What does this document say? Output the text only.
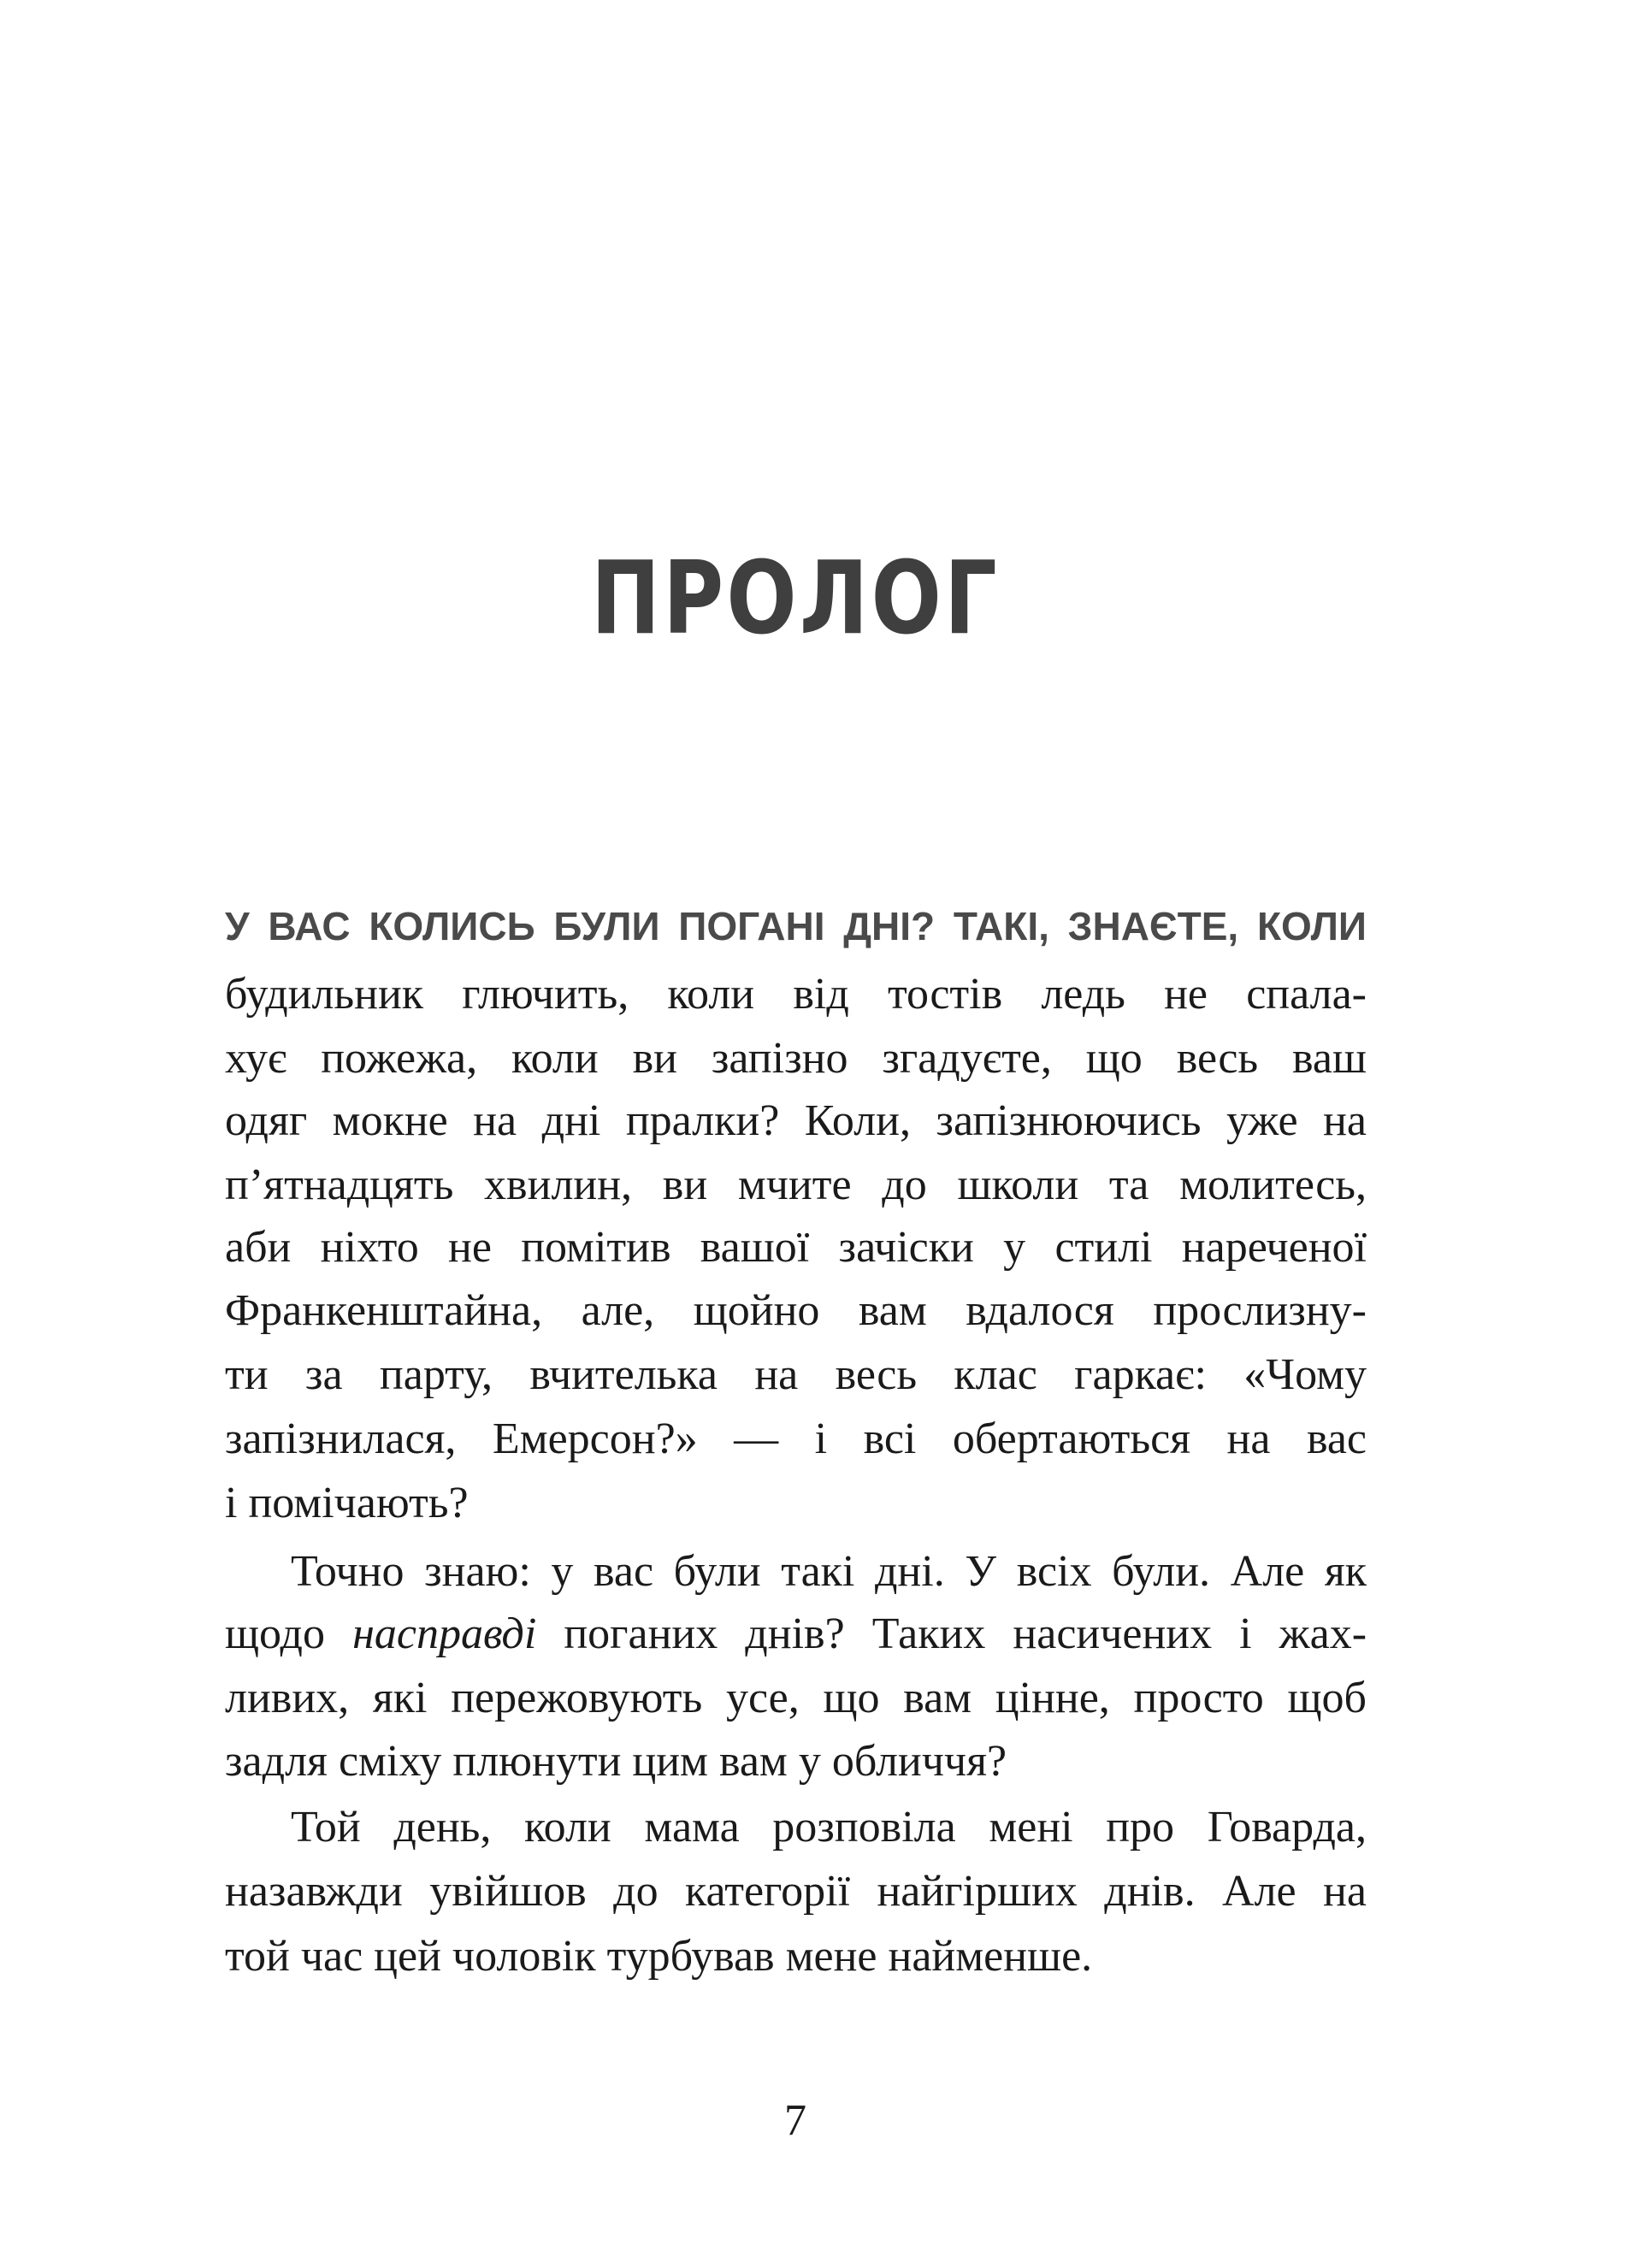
ПРОЛОГ
У ВАС КОЛИСЬ БУЛИ ПОГАНІ ДНІ? ТАКІ, ЗНАЄТЕ, КОЛИ
будильник глючить, коли від тостів ледь не спала-
хує пожежа, коли ви запізно згадуєте, що весь ваш
одяг мокне на дні пралки? Коли, запізнюючись уже на
п’ятнадцять хвилин, ви мчите до школи та молитесь,
аби ніхто не помітив вашої зачіски у стилі нареченої
Франкенштайна, але, щойно вам вдалося прослизну-
ти за парту, вчителька на весь клас гаркає: «Чому
запізнилася, Емерсон?» — і всі обертаються на вас
і помічають?
Точно знаю: у вас були такі дні. У всіх були. Але як
щодо насправді поганих днів? Таких насичених і жах-
ливих, які пережовують усе, що вам цінне, просто щоб
задля сміху плюнути цим вам у обличчя?
Той день, коли мама розповіла мені про Говарда,
назавжди увійшов до категорії найгірших днів. Але на
той час цей чоловік турбував мене найменше.
7
